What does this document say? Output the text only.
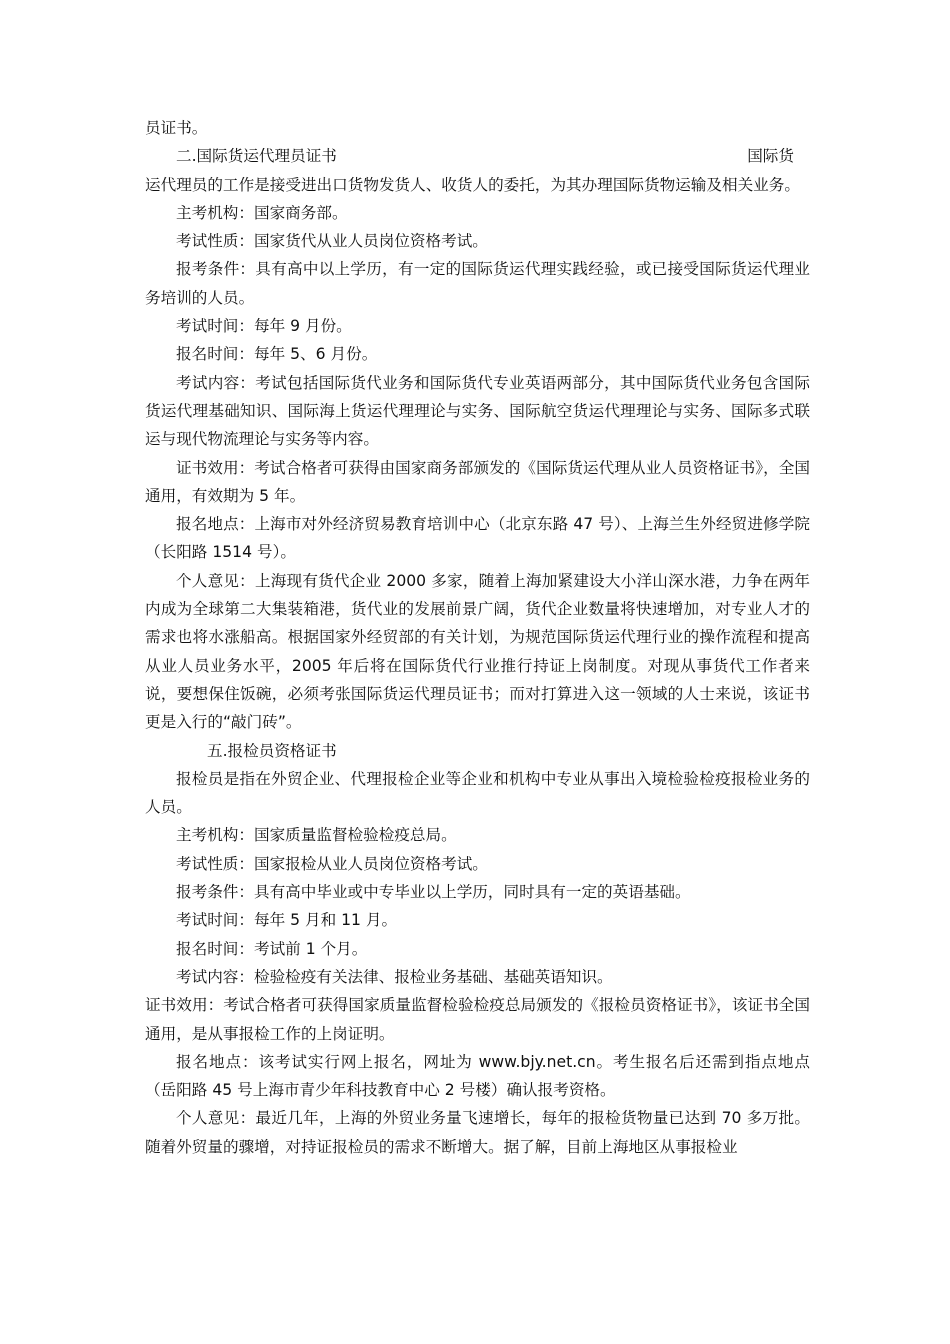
员证书。

二.国际货运代理员证书	国际货

运代理员的工作是接受进出口货物发货人、收货人的委托，为其办理国际货物运输及相关业务。

主考机构：国家商务部。

考试性质：国家货代从业人员岗位资格考试。

报考条件：具有高中以上学历，有一定的国际货运代理实践经验，或已接受国际货运代理业务培训的人员。

考试时间：每年 9 月份。

报名时间：每年 5、6 月份。

考试内容：考试包括国际货代业务和国际货代专业英语两部分，其中国际货代业务包含国际货运代理基础知识、国际海上货运代理理论与实务、国际航空货运代理理论与实务、国际多式联运与现代物流理论与实务等内容。

证书效用：考试合格者可获得由国家商务部颁发的《国际货运代理从业人员资格证书》，全国通用，有效期为 5 年。

报名地点：上海市对外经济贸易教育培训中心（北京东路 47 号）、上海兰生外经贸进修学院（长阳路 1514 号）。

个人意见：上海现有货代企业 2000 多家，随着上海加紧建设大小洋山深水港，力争在两年内成为全球第二大集装箱港，货代业的发展前景广阔，货代企业数量将快速增加，对专业人才的需求也将水涨船高。根据国家外经贸部的有关计划，为规范国际货运代理行业的操作流程和提高从业人员业务水平，2005 年后将在国际货代行业推行持证上岗制度。对现从事货代工作者来说，要想保住饭碗，必须考张国际货运代理员证书；而对打算进入这一领域的人士来说，该证书更是入行的“敲门砖”。

五.报检员资格证书

报检员是指在外贸企业、代理报检企业等企业和机构中专业从事出入境检验检疫报检业务的人员。

主考机构：国家质量监督检验检疫总局。

考试性质：国家报检从业人员岗位资格考试。

报考条件：具有高中毕业或中专毕业以上学历，同时具有一定的英语基础。

考试时间：每年 5 月和 11 月。

报名时间：考试前 1 个月。

考试内容：检验检疫有关法律、报检业务基础、基础英语知识。

证书效用：考试合格者可获得国家质量监督检验检疫总局颁发的《报检员资格证书》，该证书全国通用，是从事报检工作的上岗证明。

报名地点：该考试实行网上报名，网址为 www.bjy.net.cn。考生报名后还需到指点地点（岳阳路 45 号上海市青少年科技教育中心 2 号楼）确认报考资格。

个人意见：最近几年，上海的外贸业务量飞速增长，每年的报检货物量已达到 70 多万批。随着外贸量的骤增，对持证报检员的需求不断增大。据了解，目前上海地区从事报检业
